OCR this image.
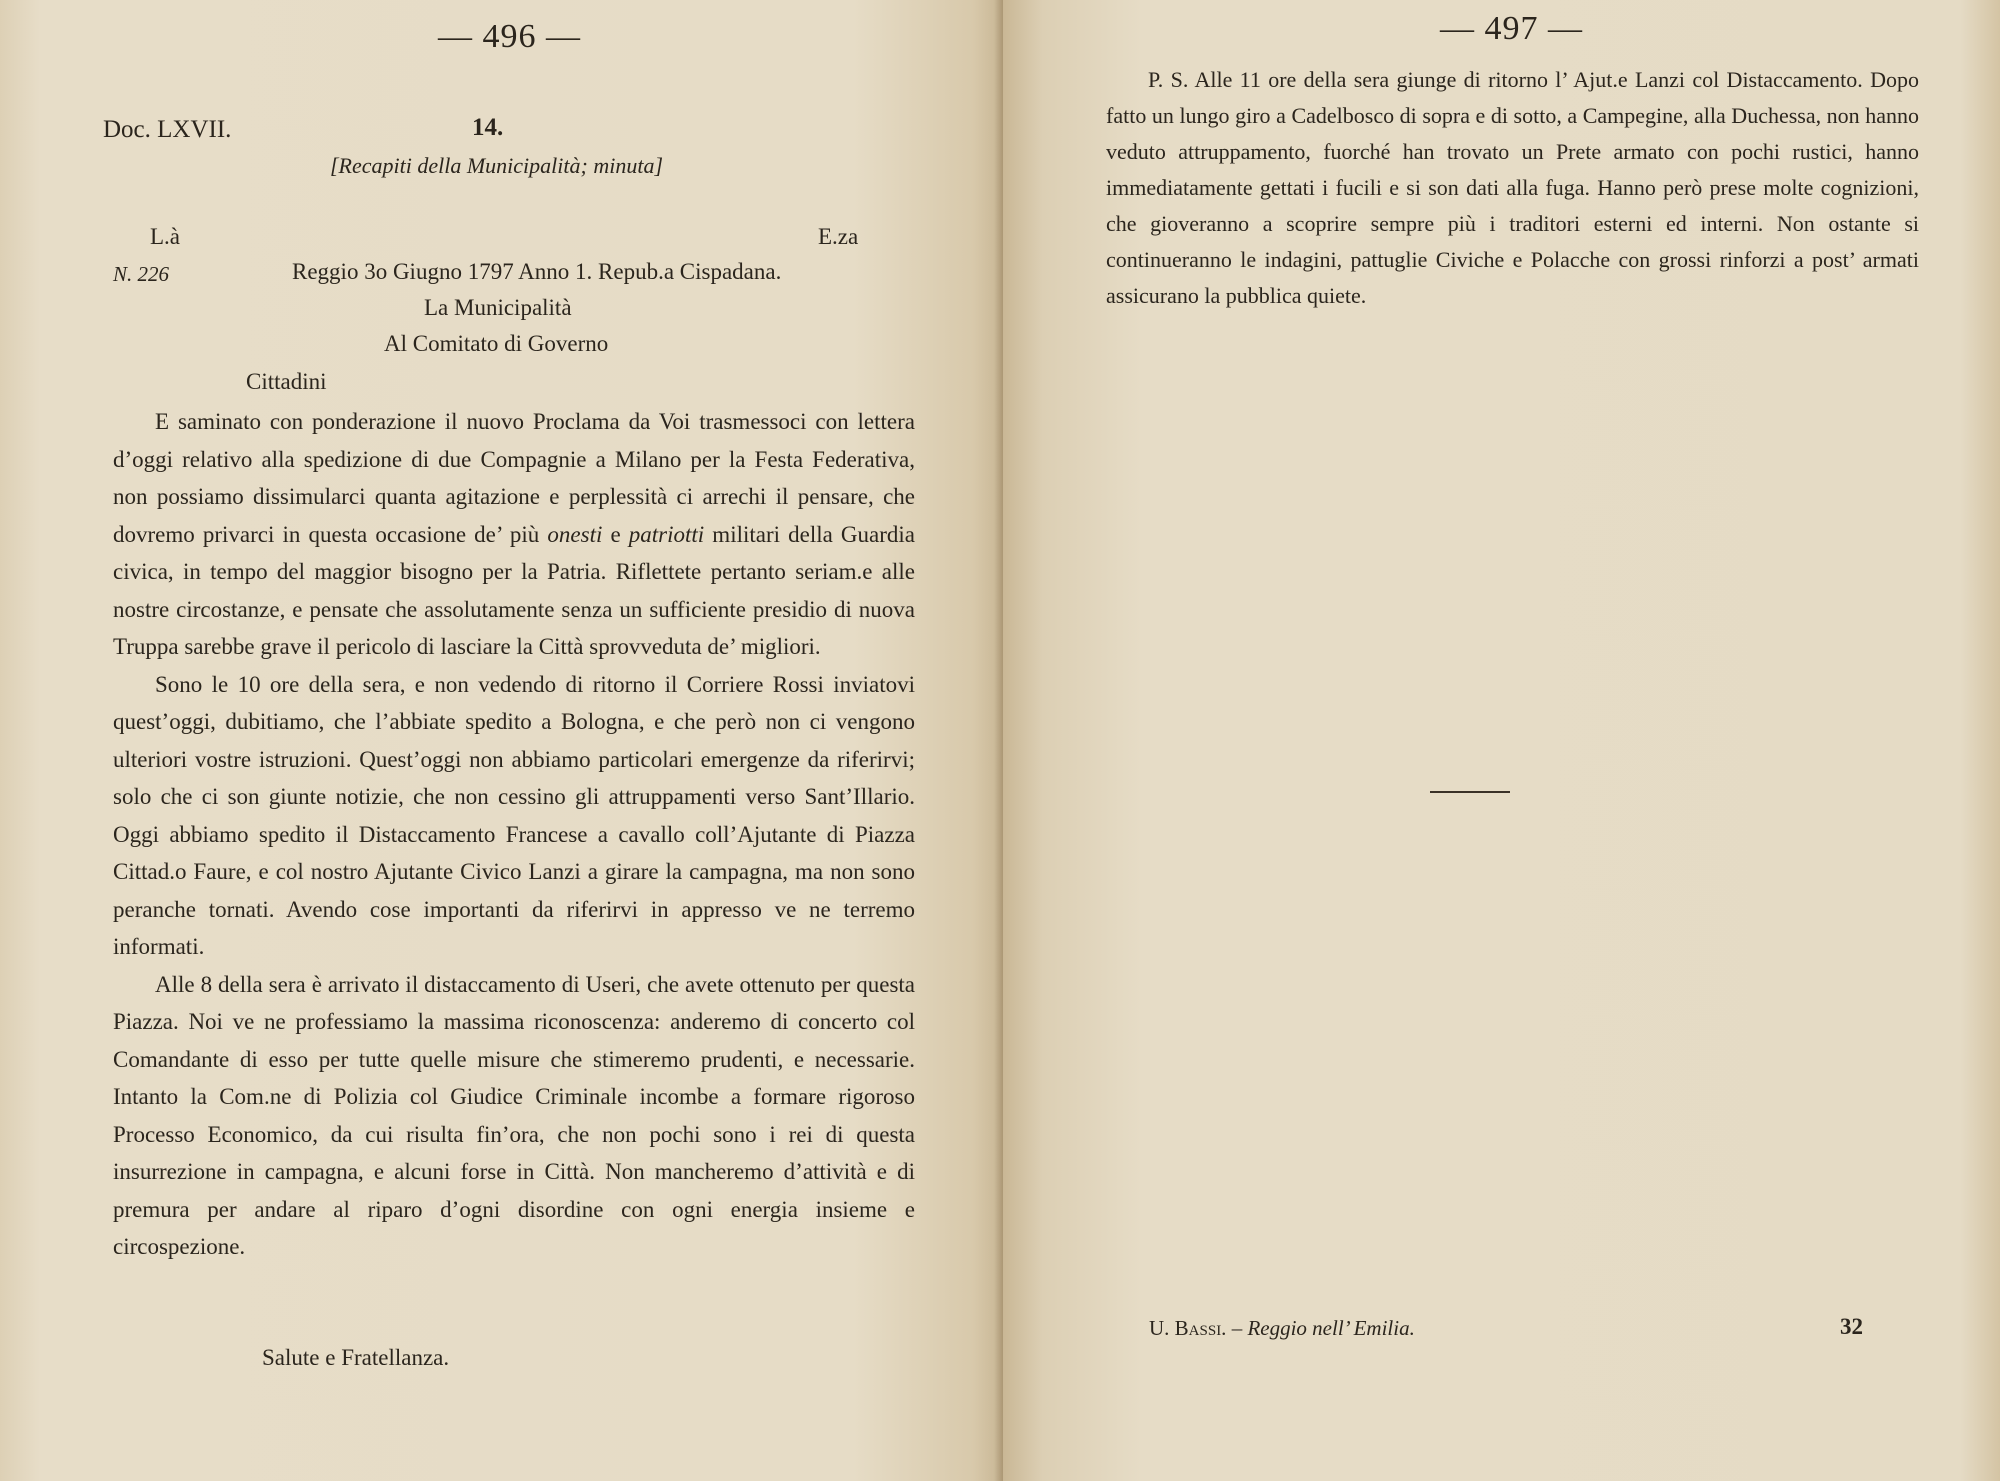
— 496 —
Doc. LXVII.	14.
[Recapiti della Municipalità; minuta]
L.à	E.za
N. 226	Reggio 3o Giugno 1797 Anno 1. Repub.a Cispadana.
La Municipalità
Al Comitato di Governo
Cittadini

E saminato con ponderazione il nuovo Proclama da Voi trasmessoci con lettera d’oggi relativo alla spedizione di due Compagnie a Milano per la Festa Federativa, non possiamo dissimularci quanta agitazione e perplessità ci arrechi il pensare, che dovremo privarci in questa occasione de’ più onesti e patriotti militari della Guardia civica, in tempo del maggior bisogno per la Patria. Riflettete pertanto seriam.e alle nostre circostanze, e pensate che assolutamente senza un sufficiente presidio di nuova Truppa sarebbe grave il pericolo di lasciare la Città sprovveduta de’ migliori.

Sono le 10 ore della sera, e non vedendo di ritorno il Corriere Rossi inviatovi quest’oggi, dubitiamo, che l’abbiate spedito a Bologna, e che però non ci vengono ulteriori vostre istruzioni. Quest’oggi non abbiamo particolari emergenze da riferirvi; solo che ci son giunte notizie, che non cessino gli attruppamenti verso Sant’Illario. Oggi abbiamo spedito il Distaccamento Francese a cavallo coll’Ajutante di Piazza Cittad.o Faure, e col nostro Ajutante Civico Lanzi a girare la campagna, ma non sono peranche tornati. Avendo cose importanti da riferirvi in appresso ve ne terremo informati.

Alle 8 della sera è arrivato il distaccamento di Useri, che avete ottenuto per questa Piazza. Noi ve ne professiamo la massima riconoscenza: anderemo di concerto col Comandante di esso per tutte quelle misure che stimeremo prudenti, e necessarie. Intanto la Com.ne di Polizia col Giudice Criminale incombe a formare rigoroso Processo Economico, da cui risulta fin’ora, che non pochi sono i rei di questa insurrezione in campagna, e alcuni forse in Città. Non mancheremo d’attività e di premura per andare al riparo d’ogni disordine con ogni energia insieme e circospezione.

Salute e Fratellanza.
— 497 —

P. S. Alle 11 ore della sera giunge di ritorno l’ Ajut.e Lanzi col Distaccamento. Dopo fatto un lungo giro a Cadelbosco di sopra e di sotto, a Campegine, alla Duchessa, non hanno veduto attruppamento, fuorché han trovato un Prete armato con pochi rustici, hanno immediatamente gettati i fucili e si son dati alla fuga. Hanno però prese molte cognizioni, che gioveranno a scoprire sempre più i traditori esterni ed interni. Non ostante si continueranno le indagini, pattuglie Civiche e Polacche con grossi rinforzi a post’ armati assicurano la pubblica quiete.

U. Bassi. – Reggio nell’ Emilia.	32
